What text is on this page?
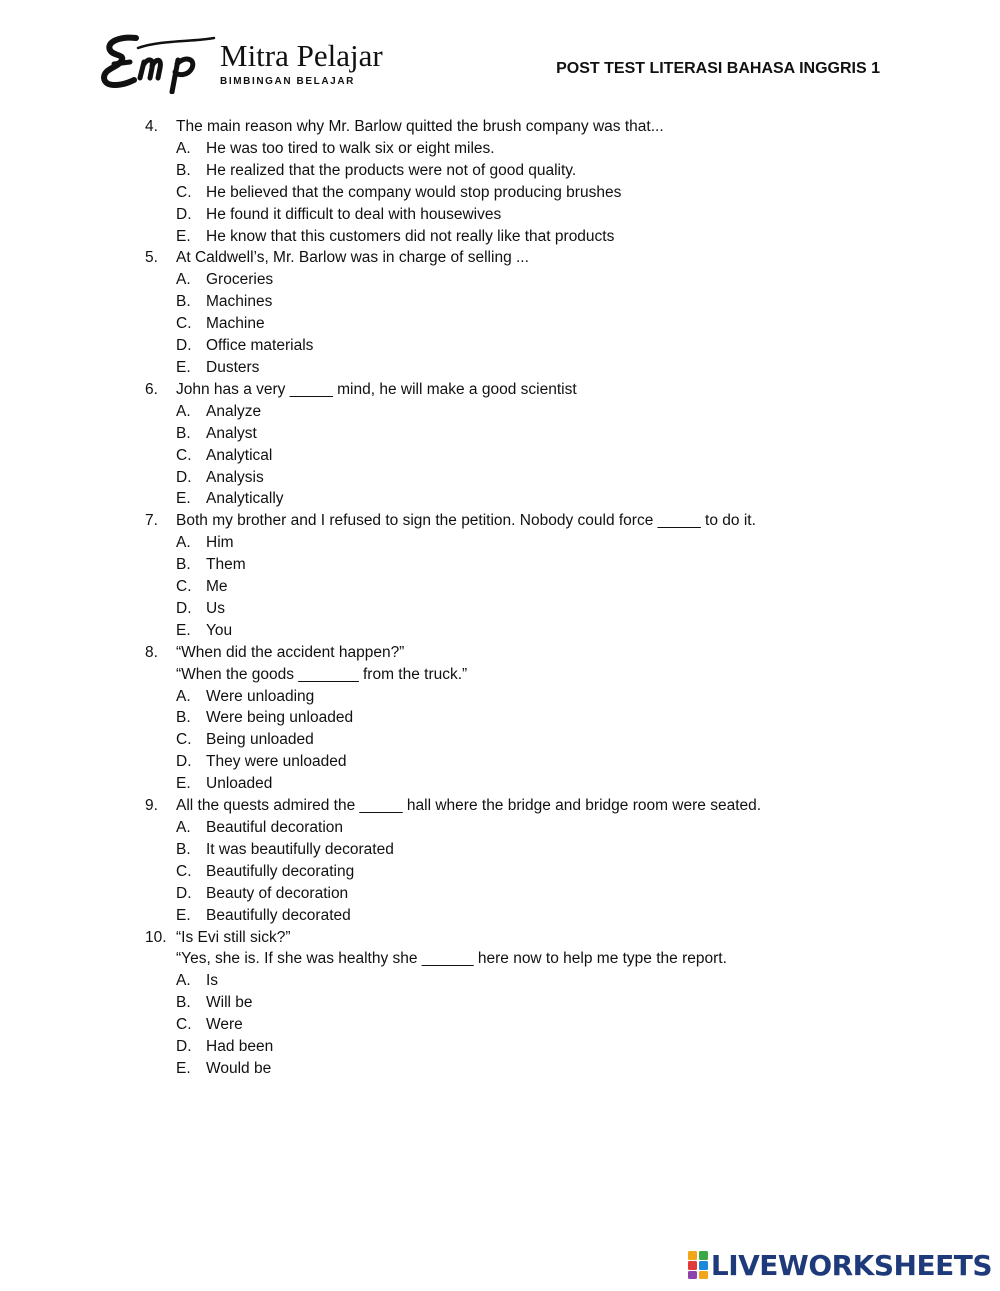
Mitra Pelajar
BIMBINGAN BELAJAR
POST TEST LITERASI BAHASA INGGRIS 1
4.	The main reason why Mr. Barlow quitted the brush company was that...
A. He was too tired to walk six or eight miles.
B. He realized that the products were not of good quality.
C. He believed that the company would stop producing brushes
D. He found it difficult to deal with housewives
E. He know that this customers did not really like that products
5.	At Caldwell’s, Mr. Barlow was in charge of selling ...
A. Groceries
B. Machines
C. Machine
D. Office materials
E. Dusters
6.	John has a very _____ mind, he will make a good scientist
A. Analyze
B. Analyst
C. Analytical
D. Analysis
E. Analytically
7.	Both my brother and I refused to sign the petition. Nobody could force _____ to do it.
A. Him
B. Them
C. Me
D. Us
E. You
8.	“When did the accident happen?”
“When the goods _______ from the truck.”
A. Were unloading
B. Were being unloaded
C. Being unloaded
D. They were unloaded
E. Unloaded
9.	All the quests admired the _____ hall where the bridge and bridge room were seated.
A. Beautiful decoration
B. It was beautifully decorated
C. Beautifully decorating
D. Beauty of decoration
E. Beautifully decorated
10. “Is Evi still sick?”
“Yes, she is. If she was healthy she ______ here now to help me type the report.
A. Is
B. Will be
C. Were
D. Had been
E. Would be
LIVEWORKSHEETS
